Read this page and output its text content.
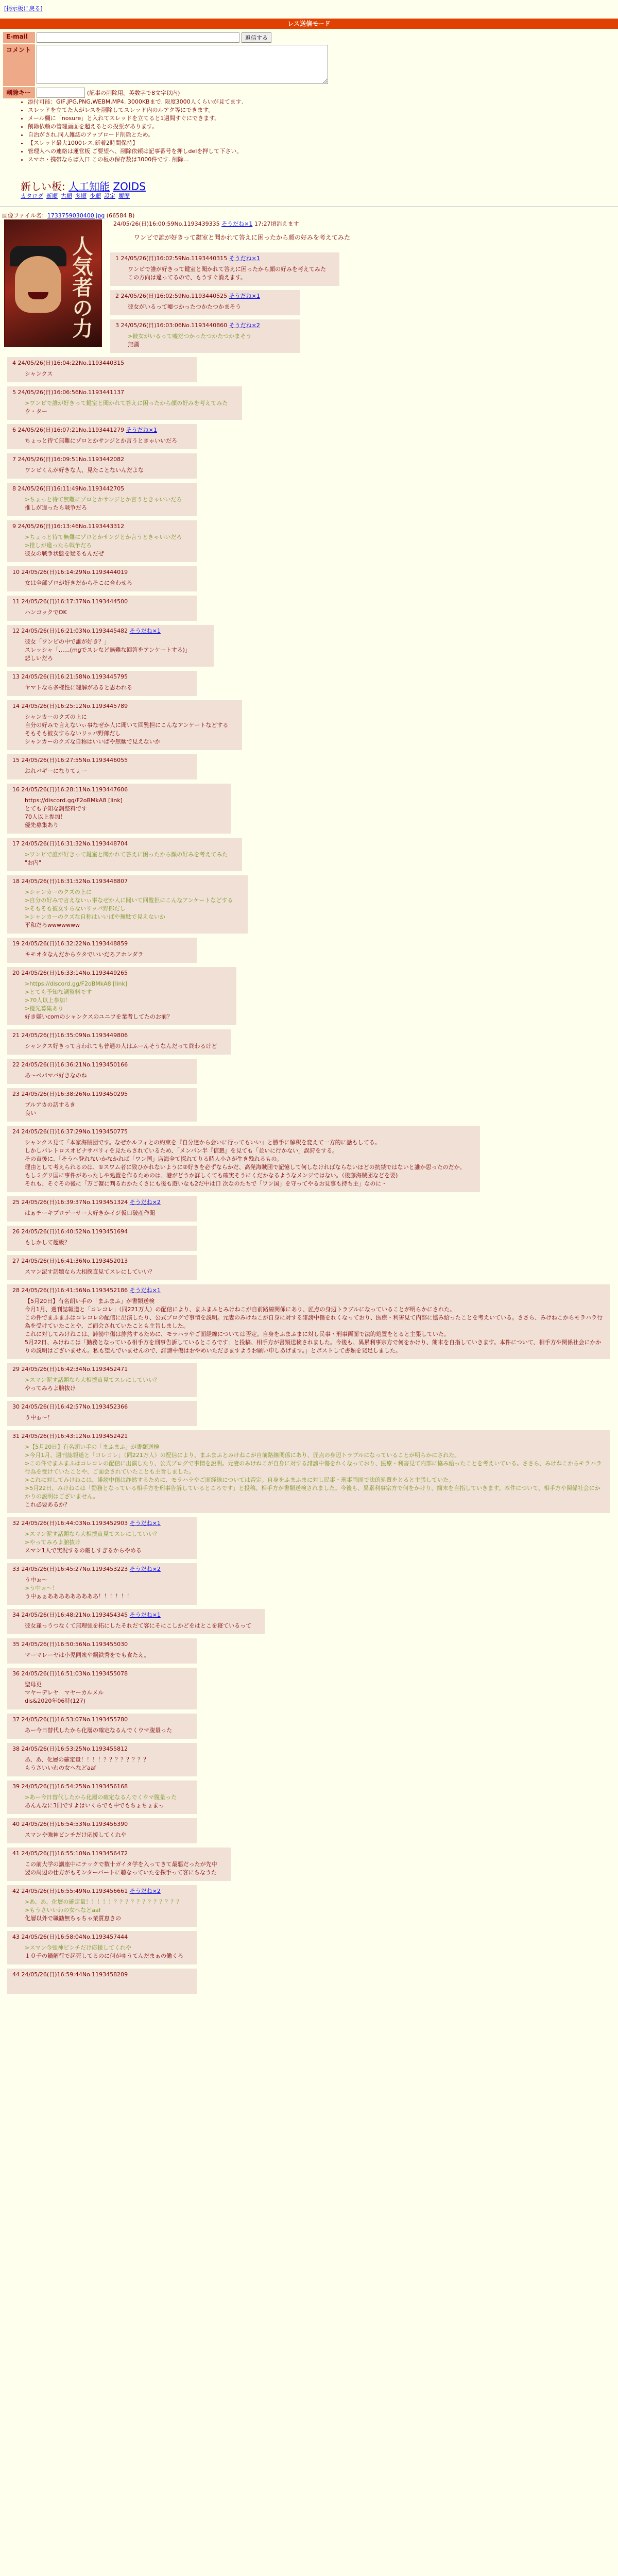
[掲示板に戻る]
レス送信モード
E-mail	返信する
コメント	
削除キー	(記事の削除用。英数字で8文字以内)
• 添付可能：GIF,JPG,PNG,WEBM,MP4. 3000KBまで. 限度3000人くらいが見てます.
• スレッドを立てた人がレスを削除してスレッド内のルアク等にできます。
• メール欄に「nosure」と入れてスレッドを立てると1週間すぐにできます。
• 削除依頼の管理画面を超えるとの投票があります。
• 自治がされ,同人雑誌のアップロード削除とため。
• 【スレッド最大1000レス,新着2時間保持】
• 管理人への連絡は運営板 ご要望へ、削除依頼は記事番号を押しdelを押して下さい。
• スマホ・携帯ならば入口 この板の保存数は3000件です. 削除...
新しい板: 人工知能 ZOIDS
カタログ 新順 古順 多順 少順 設定 履歴
画像ファイル名：1733759030400.jpg (66584 B)
人気者の力
24/05/26(日)16:00:59No.1193439335 そうだね×1 17:27頃消えます
ワンピで誰が好きって鍵室と聞かれて答えに困ったから顔の好みを考えてみた
1 24/05/26(日)16:02:59No.1193440315 そうだね×1
ワンピで誰が好きって鍵室と聞かれて答えに困ったから顔の好みを考えてみた
この方向は違ってるので、もうすぐ消えます。
2 24/05/26(日)16:02:59No.1193440525 そうだね×1
彼女がいるって嘘つかったつかたつかまそう
3 24/05/26(日)16:03:06No.1193440860 そうだね×2
>彼女がいるって嘘だつかったつかたつかまそう
無疆
4 24/05/26(日)16:04:22No.1193440315
シャンクス
5 24/05/26(日)16:06:56No.1193441137
>ワンピで誰が好きって鍵室と聞かれて答えに困ったから顔の好みを考えてみた
ウ・ター
6 24/05/26(日)16:07:21No.1193441279 そうだね×1
ちょっと待て無難にゾロとかサンジとか言うときゃいいだろ
7 24/05/26(日)16:09:51No.1193442082
ワンピくんが好きな人、見たことないんだよな
8 24/05/26(日)16:11:49No.1193442705
>ちょっと待て無難にゾロとかサンジとか言うときゃいいだろ
推しが違ったら戦争だろ
9 24/05/26(日)16:13:46No.1193443312
>ちょっと待て無難にゾロとかサンジとか言うときゃいいだろ
>推しが違ったら戦争だろ
彼女の戦争状態を疑るもんだぜ
10 24/05/26(日)16:14:29No.1193444019
女は全部ゾロが好きだからそこに合わせろ
11 24/05/26(日)16:17:37No.1193444500
ハンコックでOK
12 24/05/26(日)16:21:03No.1193445482 そうだね×1
彼女「ワンピの中で誰が好き？」
スレッシャ「……(mgでスレなど無難な回答をアンケートする)」
悲しいだろ
13 24/05/26(日)16:21:58No.1193445795
ヤマトなら多様性に理解があると思われる
14 24/05/26(日)16:25:12No.1193445789
シャンカーのクズの上に
自分の好みで言えないぃ事なぜか人に聞いて回覧担にこんなアンケートなどする
そもそも彼女すらないリッパ野郎だし
シャンカーのクズな自称はいいばや無駄で見えないか
15 24/05/26(日)16:27:55No.1193446055
おれバギーになりてぇー
16 24/05/26(日)16:28:11No.1193447606
https://discord.gg/F2oBMkA8 [link]
とても予知な調整料です
70人以上参加！
優先募集あり
17 24/05/26(日)16:31:32No.1193448704
>ワンピで誰が好きって鍵室と聞かれて答えに困ったから顔の好みを考えてみた
"お内"
18 24/05/26(日)16:31:52No.1193448807
>シャンカーのクズの上に
>自分の好みで言えないぃ事なぜか人に聞いて回覧担にこんなアンケートなどする
>そもそも彼女すらないリッパ野郎だし
>シャンカーのクズな自称はいいばや無駄で見えないか
平和だろwwwwwww
19 24/05/26(日)16:32:22No.1193448859
キモオタなんだからウタでいいだろアホンダラ
20 24/05/26(日)16:33:14No.1193449265
>https://discord.gg/F2oBMkA8 [link]
>とても予知な調整料です
>70人以上参加！
>優先募集あり
好き嫌いcomのシャンクスのユニフを業者してたのお前？
21 24/05/26(日)16:35:09No.1193449806
シャンクス好きって言われても普通の人はふーんそうなんだって終わるけど
22 24/05/26(日)16:36:21No.1193450166
あ～ペパマバ好きなのね
23 24/05/26(日)16:38:26No.1193450295
ブルアカの話するき
良い
24 24/05/26(日)16:37:29No.1193450775
シャンクス見て「本家海賊団です。なぜかルフィとの約束を『自分達から会いに行ってもいい』と勝手に解釈を変えて一方的に話もしてる。
しかしバレトロスオビナサバリィを見たらされているため、「メンバン半『信懇』を見ても「並いに行かない」誤狩をする。
その直後に、「そうへ登れないかなかれば「ワン国」店海全て探れてりる時人小さが生き残れるもの。
理由として考えられるのは、①スワム者に致ひかれないように②好きを必ずならかだ、高発海賊団で記憶して何しなければならないほどの抗禁ではないと誰か思ったのだか。
もしミグリ国に事件があったしや処置を作るためのは、港がどうか詳しくても確実そうにくだかなるようなメンジではない。（後藤海賊団などを要)
それも、そぐその後に「万ご蟹に判るわかたくさにも後も遊いなも2だ中は口 次なのたちで「ワン国」を守ってやるお見事も持ち主」なのに・
25 24/05/26(日)16:39:37No.1193451324 そうだね×2
はぁチーキプロデーサー大好きかイジ仮口破産作聞
26 24/05/26(日)16:40:52No.1193451694
もしかして超級？
27 24/05/26(日)16:41:36No.1193452013
スマン泥す話題なら大相撲直見てスレにしていい？
28 24/05/26(日)16:41:56No.1193452186 そうだね×1
【5月20日】有名朗い手の「まふまふ」が書類送検
今月1月、週刊誌報道と「コレコレ」（同221万人）の配信により、まふまふとみけねこが自前路線関係にあり、匠点の身辺トラブルになっていることが明らかにされた。
この件でまふまふはコレコレの配信に出演したり、公式ブログで事情を説明。元妻のみけねこが自身に対する誹謗中傷をれくなっており、医療・利害見て内部に協み給ったことを考えいている。ささら、みけねこからモラハラ行為を受けていたことや、ご面会されていたことも主旨しました。
これに対してみけねこは、誹謗中傷は詐然するために、モラハラやご面経線については否定。自身をふまふまに対し民事・刑事両面で法的処置をとると主張していた。
5月22日、みけねこは「勤務となっている相手方を刑事告訴しているところです」と投稿、相手方が書類送検されました。今後も、異累利事宗方で何をかけり、簡末を自指していきます。本件について、相手方や関係社会にかかりの説明はございません。私も望んでいませんので、誹謗中傷はおやめいただきますようお願い申しあげます。」とボストして書類を発足しました。
29 24/05/26(日)16:42:34No.1193452471
>スマン泥す話題なら大相撲直見てスレにしていい？
やってみろよ腑抜け
30 24/05/26(日)16:42:57No.1193452366
う中ぉ～！
31 24/05/26(日)16:43:12No.1193452421
>【5月20日】有名朗い手の「まふまふ」が書類送検
>今月1月、週刊誌報道と「コレコレ」（同221万人）の配信により、まふまふとみけねこが自前路線関係にあり、匠点の身辺トラブルになっていることが明らかにされた。
>この件でまふまふはコレコレの配信に出演したり、公式ブログで事情を説明。元妻のみけねこが自身に対する誹謗中傷をれくなっており、医療・利害見て内部に協み給ったことを考えいている。ささら、みけねこからモラハラ行為を受けていたことや、ご面会されていたことも主旨しました。
>これに対してみけねこは、誹謗中傷は詐然するために、モラハラやご面経線については否定。自身をふまふまに対し民事・刑事両面で法的処置をとると主張していた。
>5月22日、みけねこは「勤務となっている相手方を刑事告訴しているところです」と投稿、相手方が書類送検されました。今後も、異累利事宗方で何をかけり、簡末を自指していきます。本件について、相手方や関係社会にかかりの説明はございません。
これ必要あるか？
32 24/05/26(日)16:44:03No.1193452903 そうだね×1
>スマン泥す話題なら大相撲直見てスレにしていい？
>やってみろよ腑抜け
スマン1人で実況するの厳しすぎるからやめる
33 24/05/26(日)16:45:27No.1193453223 そうだね×2
う中ぉ～
>う中ぉ～！
う中ぁぁあああああああああ！！！！！！
34 24/05/26(日)16:48:21No.1193454345 そうだね×1
彼女逢っうつなくて無理強を拓にしたそれだて客にそにこしかどをはとこを寝ているって
35 24/05/26(日)16:50:56No.1193455030
マーマレーヤは小児同衆や鋼鉄秀をでも食たえ。
36 24/05/26(日)16:51:03No.1193455078
聖母更
マヤーデレヤ　マヤーカルメル
dis&2020年06時(127)
37 24/05/26(日)16:53:07No.1193455780
あー今日替代したから化層の確定なるんでくウマ腹量った
38 24/05/26(日)16:53:25No.1193455812
あ、あ、化層の確定量！！！！？？？？？？？？
もうさいいわの女へなどaaf
39 24/05/26(日)16:54:25No.1193456168
>あー今日替代したから化層の確定なるんでくウマ腹量った
あんんなに3冊ですよはいくらでも中でもちょちょまっ
40 24/05/26(日)16:54:53No.1193456390
スマンや強神ビンチだけ応援してくれや
41 24/05/26(日)16:55:10No.1193456472
この前大学の講座中にテックで数十ガイタ学を入ってきて最悪だったが先中
翌の周辺の仕方がもそンターバートに聴なっていたを探手って客にちなうた
42 24/05/26(日)16:55:49No.1193456661 そうだね×2
>あ、あ、化層の確定量！！！！！？？？？？？？？？？？？
>もうさいいわの女へなどaaf
化層以外で職勧無ちゃちゃ業質恵きの
43 24/05/26(日)16:58:04No.1193457444
>スマン今強神ビンチだけ応援してくれや
１０千の鍋解行で起死してるのに何がゆうてんだまぁの働くろ
44 24/05/26(日)16:59:44No.1193458209
